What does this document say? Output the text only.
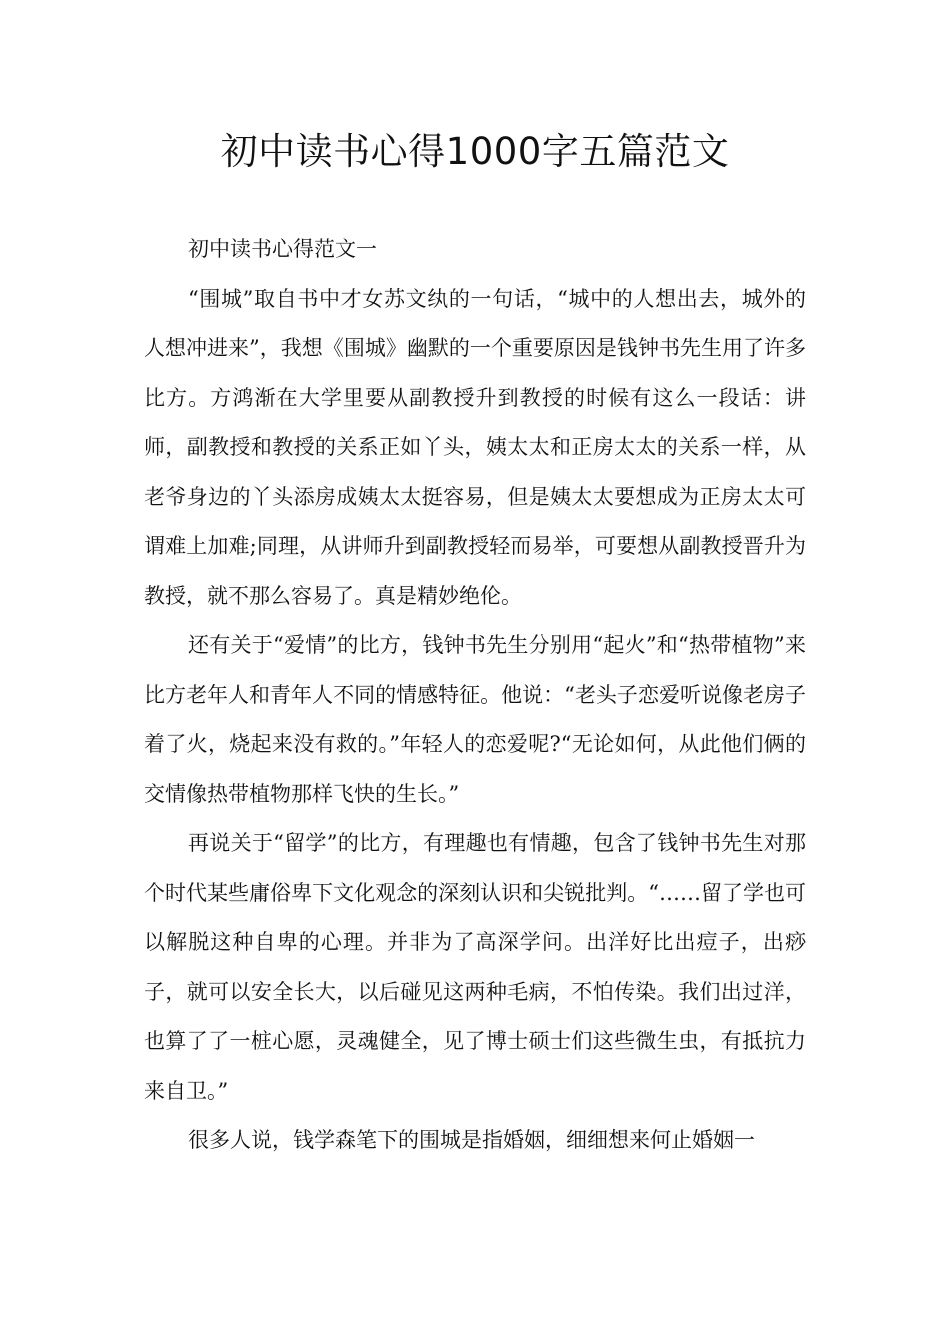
初中读书心得1000字五篇范文

初中读书心得范文一

“围城”取自书中才女苏文纨的一句话，“城中的人想出去，城外的人想冲进来”，我想《围城》幽默的一个重要原因是钱钟书先生用了许多比方。方鸿渐在大学里要从副教授升到教授的时候有这么一段话：讲师，副教授和教授的关系正如丫头，姨太太和正房太太的关系一样，从老爷身边的丫头添房成姨太太挺容易，但是姨太太要想成为正房太太可谓难上加难;同理，从讲师升到副教授轻而易举，可要想从副教授晋升为教授，就不那么容易了。真是精妙绝伦。

还有关于“爱情”的比方，钱钟书先生分别用“起火”和“热带植物”来比方老年人和青年人不同的情感特征。他说：“老头子恋爱听说像老房子着了火，烧起来没有救的。”年轻人的恋爱呢?“无论如何，从此他们俩的交情像热带植物那样飞快的生长。”

再说关于“留学”的比方，有理趣也有情趣，包含了钱钟书先生对那个时代某些庸俗卑下文化观念的深刻认识和尖锐批判。“……留了学也可以解脱这种自卑的心理。并非为了高深学问。出洋好比出痘子，出痧子，就可以安全长大，以后碰见这两种毛病，不怕传染。我们出过洋，也算了了一桩心愿，灵魂健全，见了博士硕士们这些微生虫，有抵抗力来自卫。”

很多人说，钱学森笔下的围城是指婚姻，细细想来何止婚姻一
